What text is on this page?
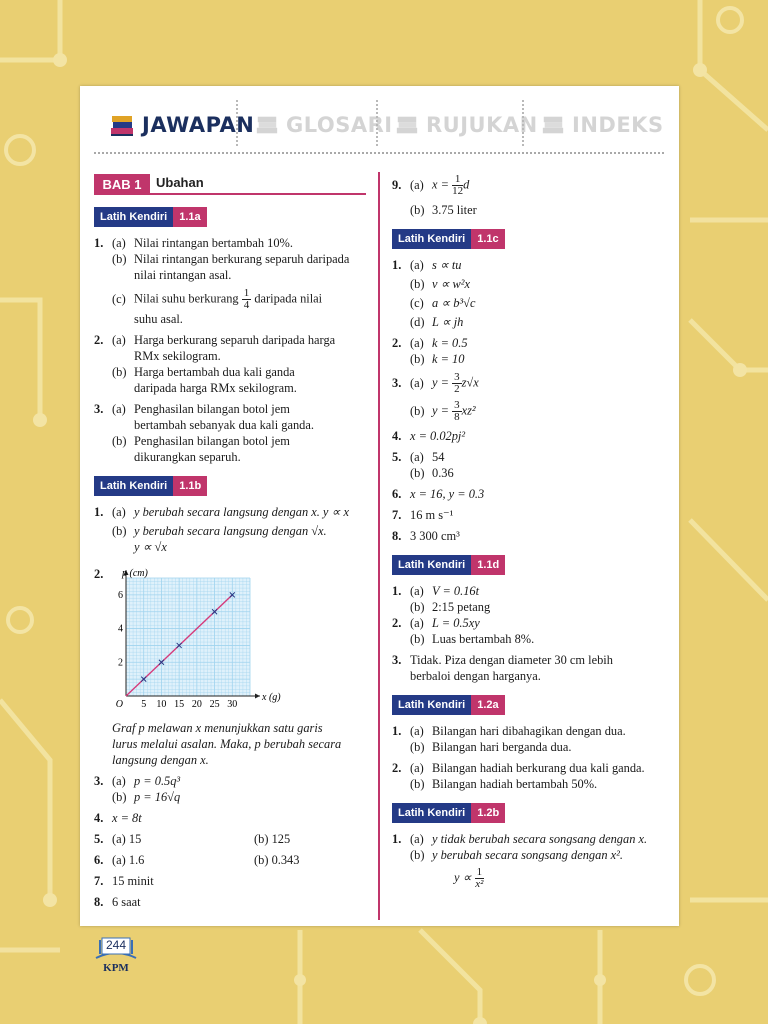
JAWAPAN GLOSARI RUJUKAN INDEKS
BAB 1	Ubahan
Latih Kendiri	1.1a
1. (a) Nilai rintangan bertambah 10%.
(b) Nilai rintangan berkurang separuh daripada
nilai rintangan asal.
(c) Nilai suhu berkurang $\frac{1}{4}$ daripada nilai
suhu asal.
2. (a) Harga berkurang separuh daripada harga
RMx sekilogram.
(b) Harga bertambah dua kali ganda
daripada harga RMx sekilogram.
3. (a) Penghasilan bilangan botol jem
bertambah sebanyak dua kali ganda.
(b) Penghasilan bilangan botol jem
dikurangkan separuh.
Latih Kendiri	1.1b
1. (a) y berubah secara langsung dengan x. y ∝ x
(b) y berubah secara langsung dengan √x.
y ∝ √x
2.
5 10 15 20 25 30
2
4
6
O
x (g)
p (cm)
Graf p melawan x menunjukkan satu garis
lurus melalui asalan. Maka, p berubah secara
langsung dengan x.
3. (a) p = 0.5q³
(b) p = 16√q
4. x = 8t
5. (a) 15	(b) 125
6. (a) 1.6	(b) 0.343
7. 15 minit
8. 6 saat
9. (a) $x = \frac{1}{12}$ d
(b) 3.75 liter
Latih Kendiri	1.1c
1. (a) s ∝ tu
(b) v ∝ w²x
(c) a ∝ b³√c
(d) L ∝ jh
2. (a) k = 0.5
(b) k = 10
3. (a) $y = \frac{3}{2} z√x$
(b) $y = \frac{3}{8} xz^2$
4. x = 0.02pj²
5. (a) 54
(b) 0.36
6. x = 16, y = 0.3
7. 16 m s⁻¹
8. 3 300 cm³
Latih Kendiri	1.1d
1. (a) V = 0.16t
(b) 2:15 petang
2. (a) L = 0.5xy
(b) Luas bertambah 8%.
3. Tidak. Piza dengan diameter 30 cm lebih
berbaloi dengan harganya.
Latih Kendiri	1.2a
1. (a) Bilangan hari dibahagikan dengan dua.
(b) Bilangan hari berganda dua.
2. (a) Bilangan hadiah berkurang dua kali ganda.
(b) Bilangan hadiah bertambah 50%.
Latih Kendiri	1.2b
1. (a) y tidak berubah secara songsang dengan x.
(b) y berubah secara songsang dengan x².
$y \propto \frac{1}{\text{x²}}$
244
KPM
